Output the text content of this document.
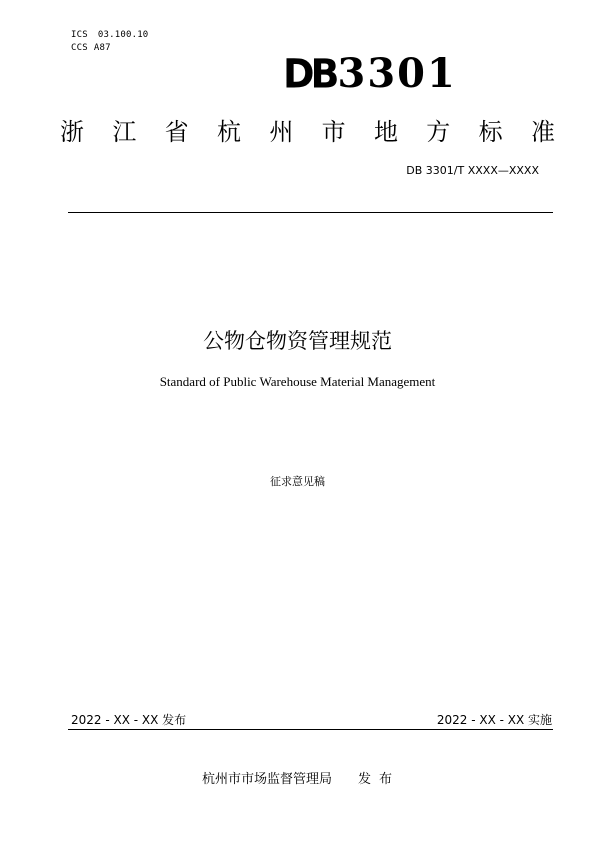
ICS 03.100.10
CCS A87
DB3301
浙 江 省 杭 州 市 地 方 标 准
DB 3301/T XXXX—XXXX
公物仓物资管理规范
Standard of Public Warehouse Material Management
征求意见稿
2022 - XX - XX 发布	2022 - XX - XX 实施
杭州市市场监督管理局 发布
